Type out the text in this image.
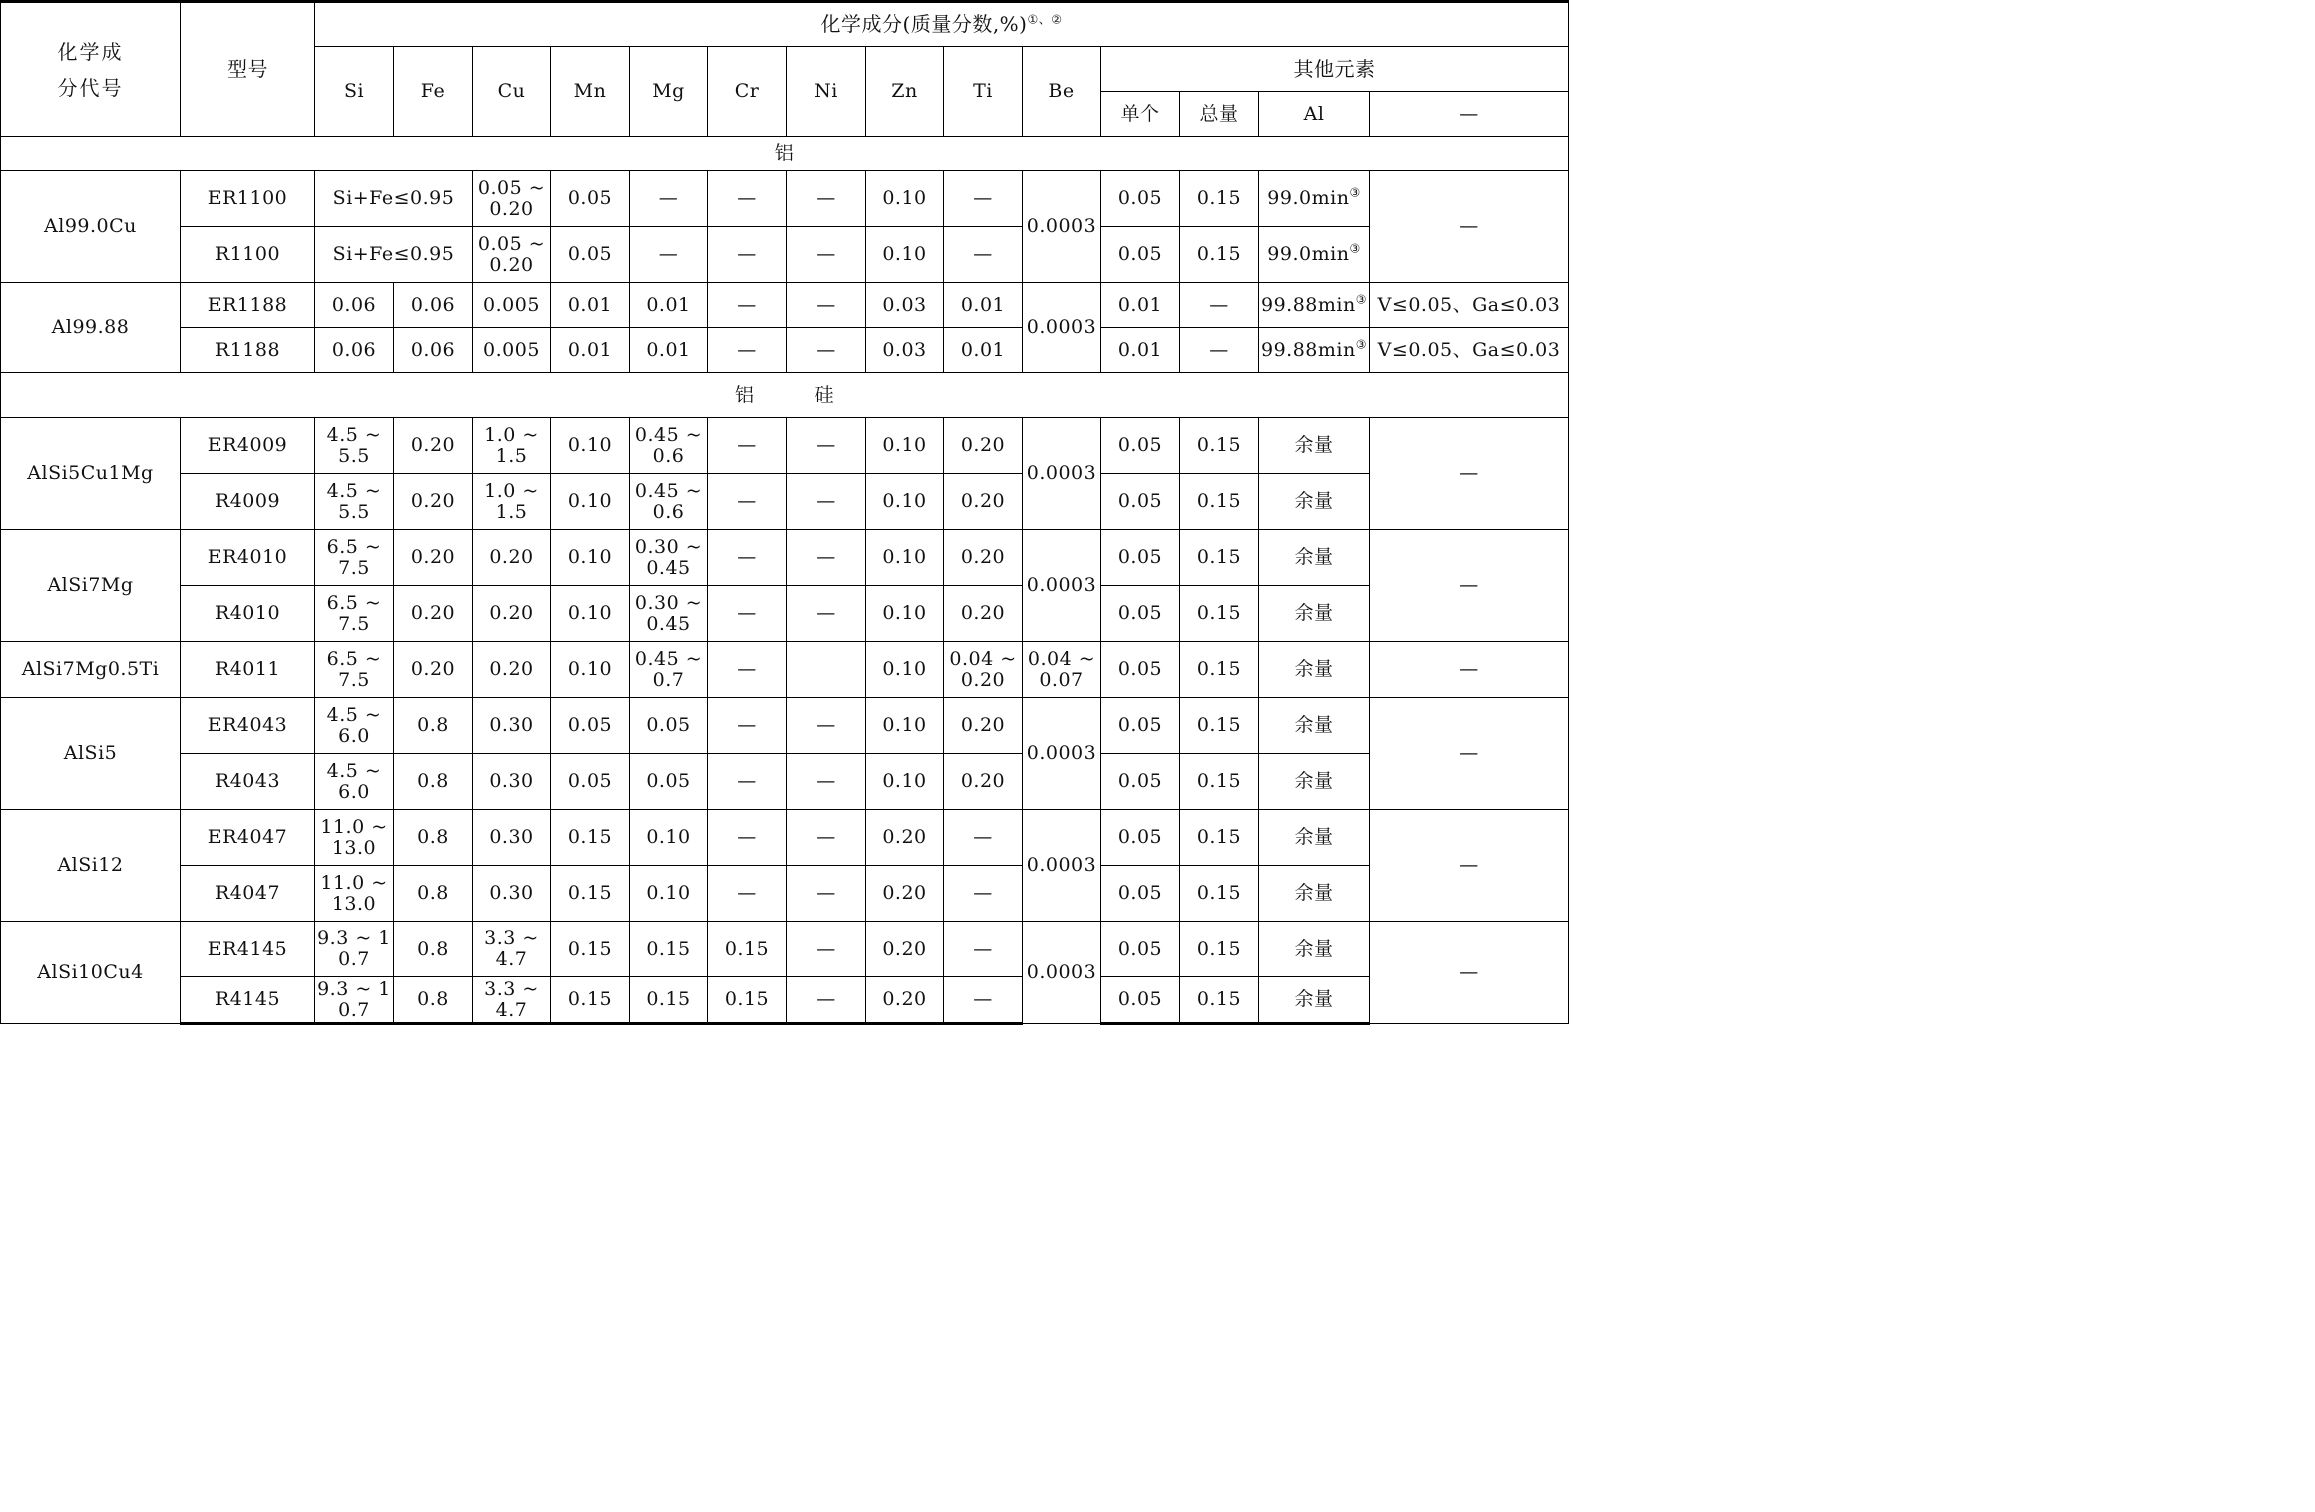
化学成分代号	型号	化学成分(质量分数,%)①、②
		Si	Fe	Cu	Mn	Mg	Cr	Ni	Zn	Ti	Be	其他元素			
												单个	总量	Al	—
铝															
Al99.0Cu	ER1100	Si+Fe≤0.95		0.05 ~ 0.20	0.05	—	—	—	0.10	—	0.0003	0.05	0.15	99.0min③	—
	R1100	Si+Fe≤0.95		0.05 ~ 0.20	0.05	—	—	—	0.10	—		0.05	0.15	99.0min③
Al99.88	ER1188	0.06	0.06	0.005	0.01	0.01	—	—	0.03	0.01	0.0003	0.01	—	99.88min③	V≤0.05、Ga≤0.03
	R1188	0.06	0.06	0.005	0.01	0.01	—	—	0.03	0.01		0.01	—	99.88min③	V≤0.05、Ga≤0.03
铝 硅															
AlSi5Cu1Mg	ER4009	4.5 ~ 5.5	0.20	1.0 ~ 1.5	0.10	0.45 ~ 0.6	—	—	0.10	0.20	0.0003	0.05	0.15	余量	—
	R4009	4.5 ~ 5.5	0.20	1.0 ~ 1.5	0.10	0.45 ~ 0.6	—	—	0.10	0.20		0.05	0.15	余量	
AlSi7Mg	ER4010	6.5 ~ 7.5	0.20	0.20	0.10	0.30 ~ 0.45	—	—	0.10	0.20	0.0003	0.05	0.15	余量	—
	R4010	6.5 ~ 7.5	0.20	0.20	0.10	0.30 ~ 0.45	—	—	0.10	0.20		0.05	0.15	余量	
AlSi7Mg0.5Ti	R4011	6.5 ~ 7.5	0.20	0.20	0.10	0.45 ~ 0.7	—		0.10	0.04 ~ 0.20	0.04 ~ 0.07	0.05	0.15	余量	—
AlSi5	ER4043	4.5 ~ 6.0	0.8	0.30	0.05	0.05	—	—	0.10	0.20	0.0003	0.05	0.15	余量	—
	R4043	4.5 ~ 6.0	0.8	0.30	0.05	0.05	—	—	0.10	0.20		0.05	0.15	余量	
AlSi12	ER4047	11.0 ~ 13.0	0.8	0.30	0.15	0.10	—	—	0.20	—	0.0003	0.05	0.15	余量	—
	R4047	11.0 ~ 13.0	0.8	0.30	0.15	0.10	—	—	0.20	—		0.05	0.15	余量	
AlSi10Cu4	ER4145	9.3 ~ 10.7	0.8	3.3 ~ 4.7	0.15	0.15	0.15	—	0.20	—	0.0003	0.05	0.15	余量	—
	R4145	9.3 ~ 10.7	0.8	3.3 ~ 4.7	0.15	0.15	0.15	—	0.20	—		0.05	0.15	余量	
